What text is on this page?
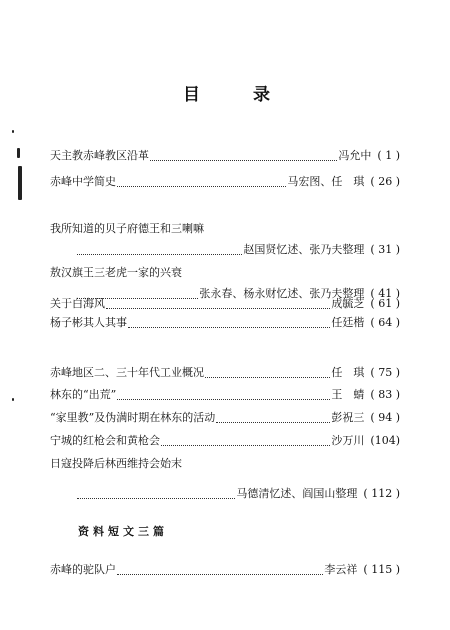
目	录
天主教赤峰教区沿革	冯允中 ( 1 )
赤峰中学简史	马宏图、任　琪 ( 26 )
我所知道的贝子府德王和三喇嘛
赵国贤忆述、张乃夫整理 ( 31 )
敖汉旗王三老虎一家的兴衰
张永春、杨永财忆述、张乃夫整理 ( 41 )
关于白海风	成毓芝 ( 61 )
杨子彬其人其事	任廷楷 ( 64 )
赤峰地区二、三十年代工业概况	任　琪 ( 75 )
林东的“出荒”	王　蜻 ( 83 )
“家里教”及伪满时期在林东的活动	彭祝三 ( 94 )
宁城的红枪会和黄枪会	沙万川 (104)
日寇投降后林西维持会始末
马德清忆述、阎国山整理 ( 112 )
资料短文三篇
赤峰的驼队户	李云祥 ( 115 )
